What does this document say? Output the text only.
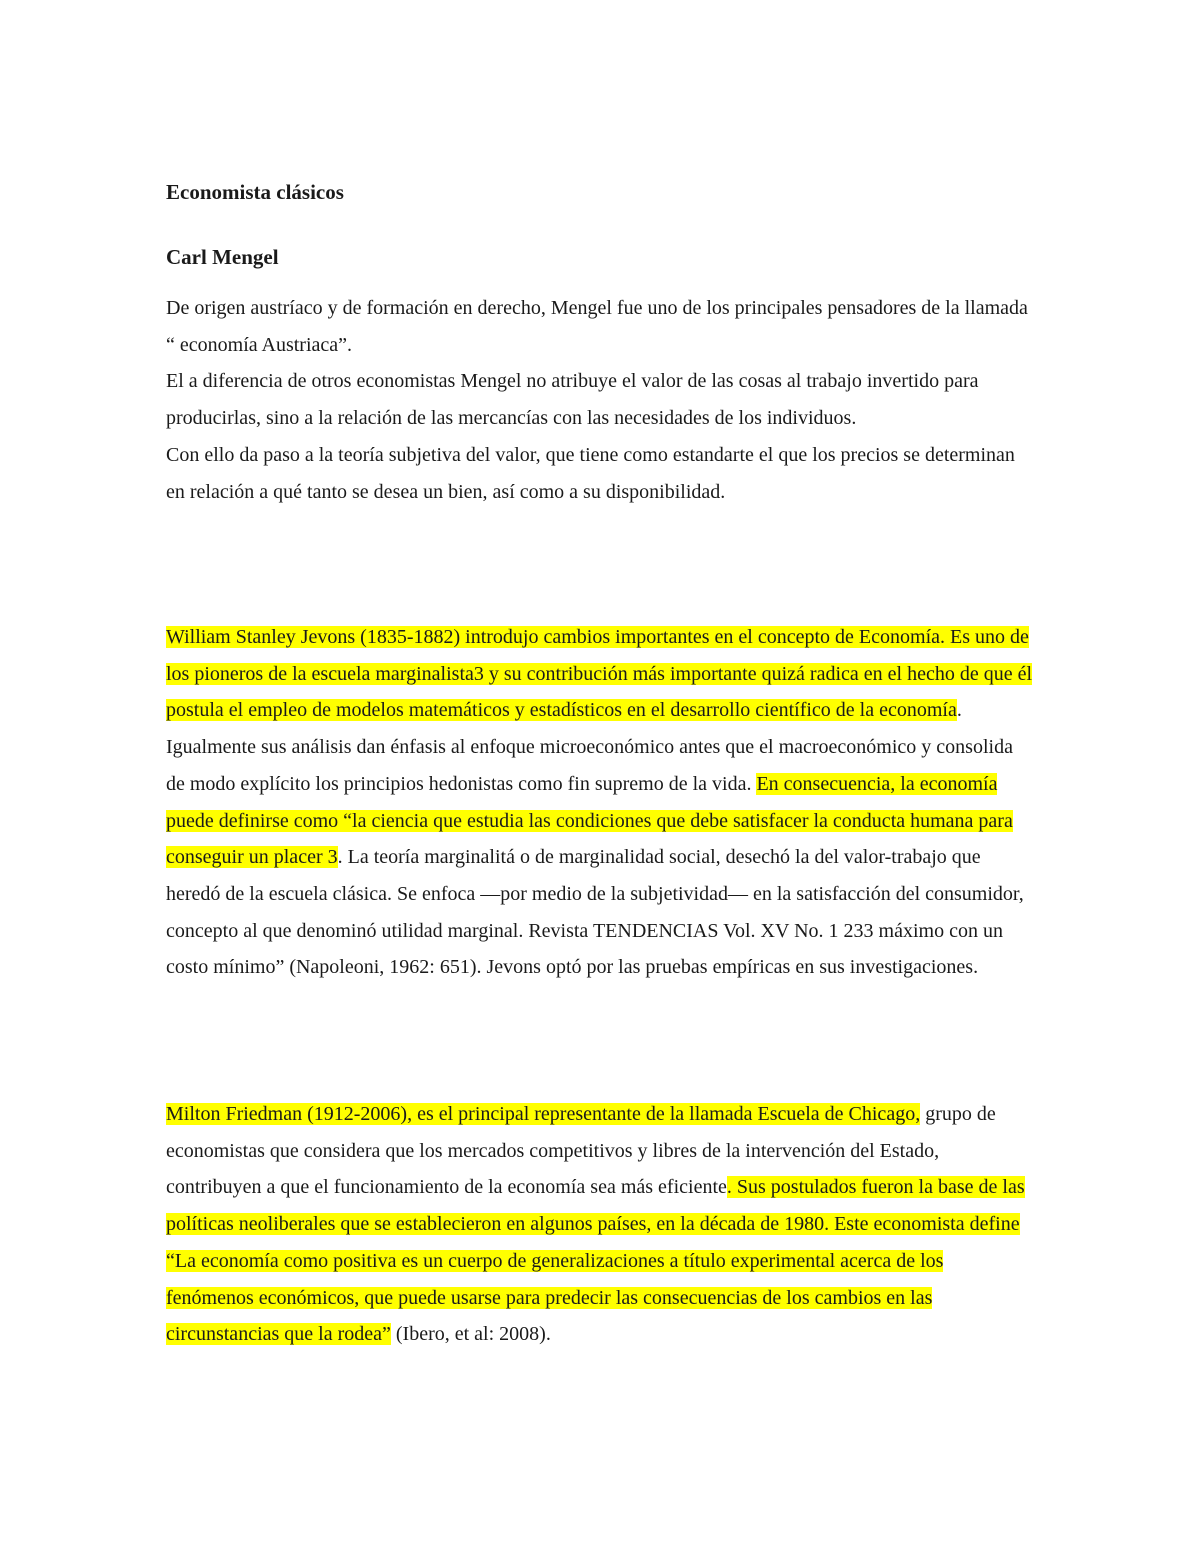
Economista clásicos
Carl Mengel

De origen austríaco y de formación en derecho, Mengel fue uno de los principales pensadores de la llamada “ economía Austriaca”.

El a diferencia de otros economistas Mengel no atribuye el valor de las cosas al trabajo invertido para producirlas, sino a la relación de las mercancías con las necesidades de los individuos.

Con ello da paso a la teoría subjetiva del valor, que tiene como estandarte el que los precios se determinan en relación a qué tanto se desea un bien, así como a su disponibilidad.

William Stanley Jevons (1835-1882) introdujo cambios importantes en el concepto de Economía. Es uno de los pioneros de la escuela marginalista3 y su contribución más importante quizá radica en el hecho de que él postula el empleo de modelos matemáticos y estadísticos en el desarrollo científico de la economía. Igualmente sus análisis dan énfasis al enfoque microeconómico antes que el macroeconómico y consolida de modo explícito los principios hedonistas como fin supremo de la vida. En consecuencia, la economía puede definirse como “la ciencia que estudia las condiciones que debe satisfacer la conducta humana para conseguir un placer 3. La teoría marginalitá o de marginalidad social, desechó la del valor-trabajo que heredó de la escuela clásica. Se enfoca —por medio de la subjetividad— en la satisfacción del consumidor, concepto al que denominó utilidad marginal. Revista TENDENCIAS Vol. XV No. 1 233 máximo con un costo mínimo” (Napoleoni, 1962: 651). Jevons optó por las pruebas empíricas en sus investigaciones.

Milton Friedman (1912-2006), es el principal representante de la llamada Escuela de Chicago, grupo de economistas que considera que los mercados competitivos y libres de la intervención del Estado, contribuyen a que el funcionamiento de la economía sea más eficiente. Sus postulados fueron la base de las políticas neoliberales que se establecieron en algunos países, en la década de 1980. Este economista define “La economía como positiva es un cuerpo de generalizaciones a título experimental acerca de los fenómenos económicos, que puede usarse para predecir las consecuencias de los cambios en las circunstancias que la rodea” (Ibero, et al: 2008).
